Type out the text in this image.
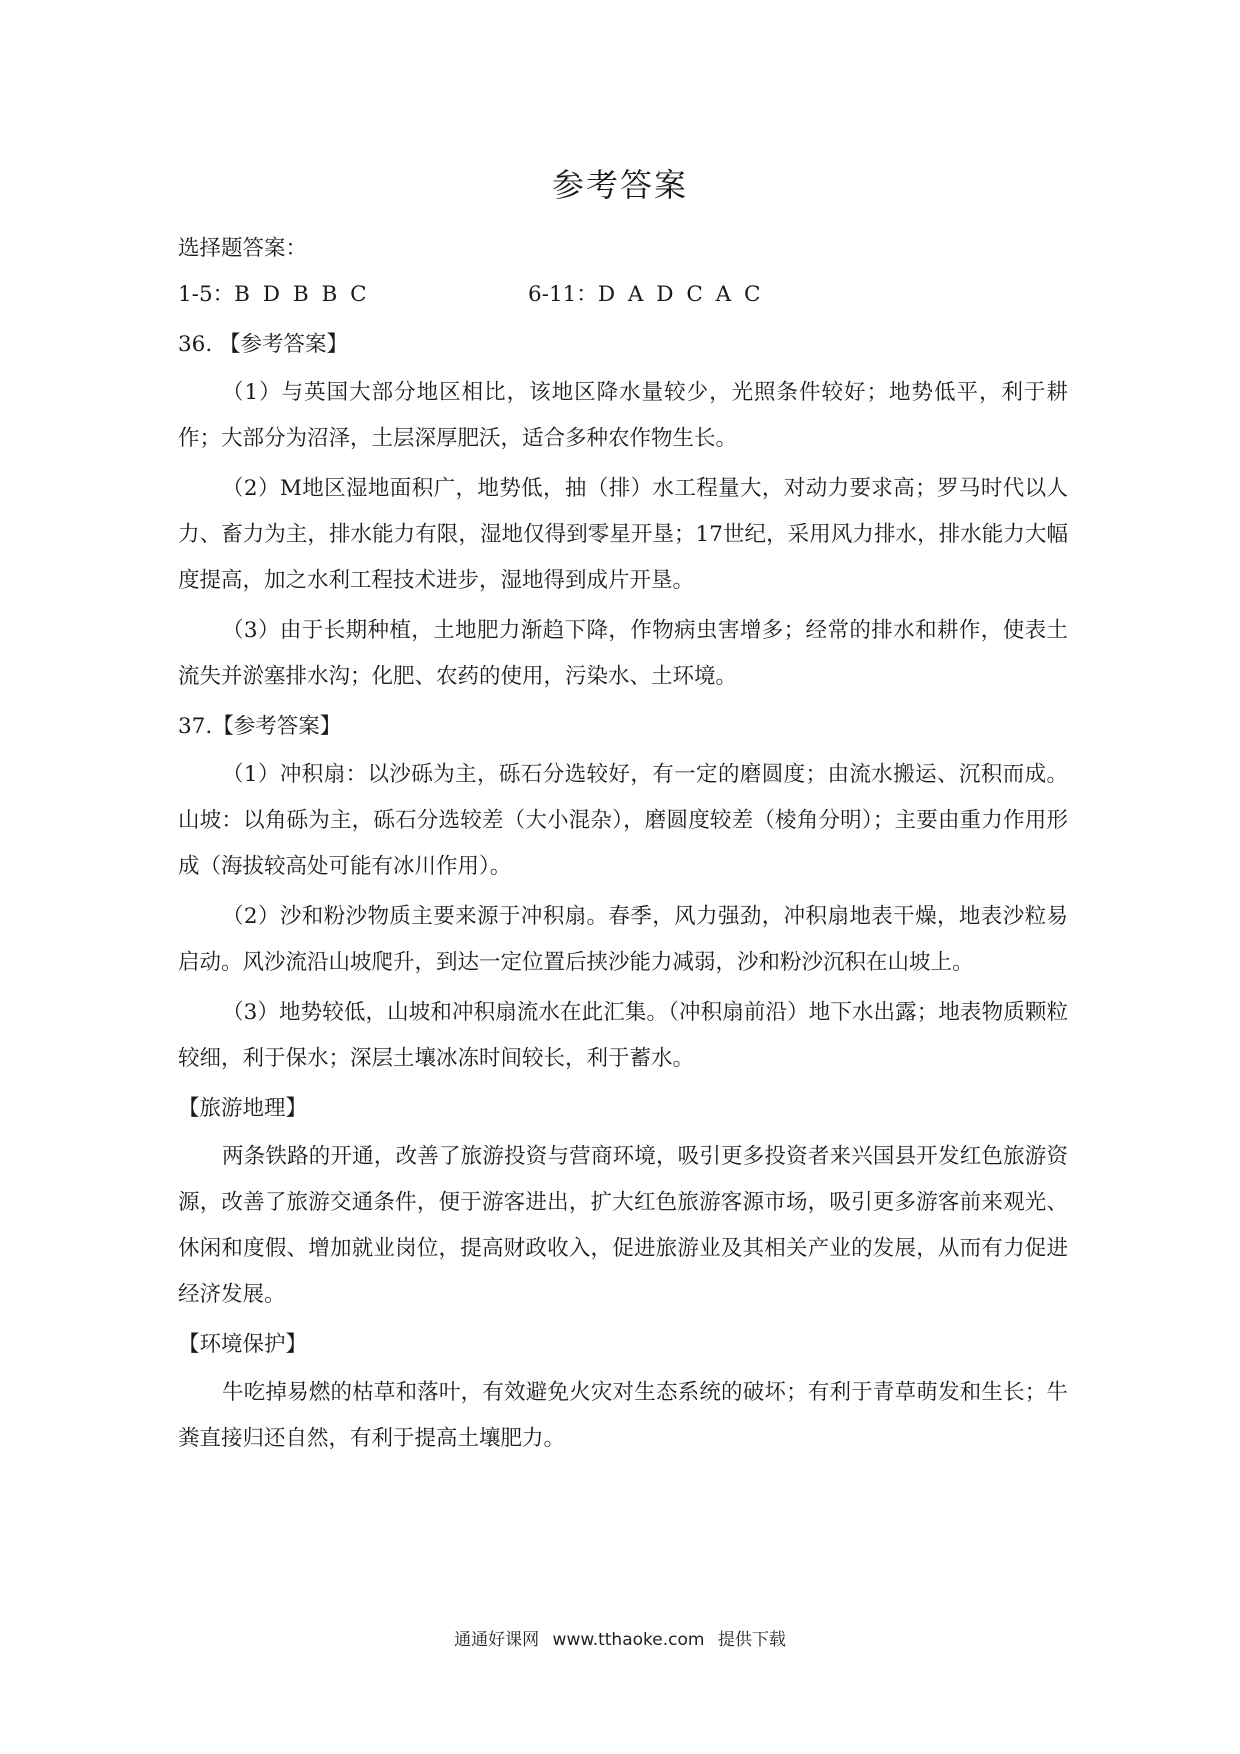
参考答案

选择题答案：

1-5：B D B B C	6-11：D A D C A C

36. 【参考答案】

（1）与英国大部分地区相比，该地区降水量较少，光照条件较好；地势低平，利于耕作；大部分为沼泽，土层深厚肥沃，适合多种农作物生长。

（2）M地区湿地面积广，地势低，抽（排）水工程量大，对动力要求高；罗马时代以人力、畜力为主，排水能力有限，湿地仅得到零星开垦；17世纪，采用风力排水，排水能力大幅度提高，加之水利工程技术进步，湿地得到成片开垦。

（3）由于长期种植，土地肥力渐趋下降，作物病虫害增多；经常的排水和耕作，使表土流失并淤塞排水沟；化肥、农药的使用，污染水、土环境。

37.【参考答案】

（1）冲积扇：以沙砾为主，砾石分选较好，有一定的磨圆度；由流水搬运、沉积而成。山坡：以角砾为主，砾石分选较差（大小混杂），磨圆度较差（棱角分明）；主要由重力作用形成（海拔较高处可能有冰川作用）。

（2）沙和粉沙物质主要来源于冲积扇。春季，风力强劲，冲积扇地表干燥，地表沙粒易启动。风沙流沿山坡爬升，到达一定位置后挟沙能力减弱，沙和粉沙沉积在山坡上。

（3）地势较低，山坡和冲积扇流水在此汇集。（冲积扇前沿）地下水出露；地表物质颗粒较细，利于保水；深层土壤冰冻时间较长，利于蓄水。

【旅游地理】

两条铁路的开通，改善了旅游投资与营商环境，吸引更多投资者来兴国县开发红色旅游资源，改善了旅游交通条件，便于游客进出，扩大红色旅游客源市场，吸引更多游客前来观光、休闲和度假、增加就业岗位，提高财政收入，促进旅游业及其相关产业的发展，从而有力促进经济发展。

【环境保护】

牛吃掉易燃的枯草和落叶，有效避免火灾对生态系统的破坏；有利于青草萌发和生长；牛粪直接归还自然，有利于提高土壤肥力。

通通好课网 www.tthaoke.com 提供下载
